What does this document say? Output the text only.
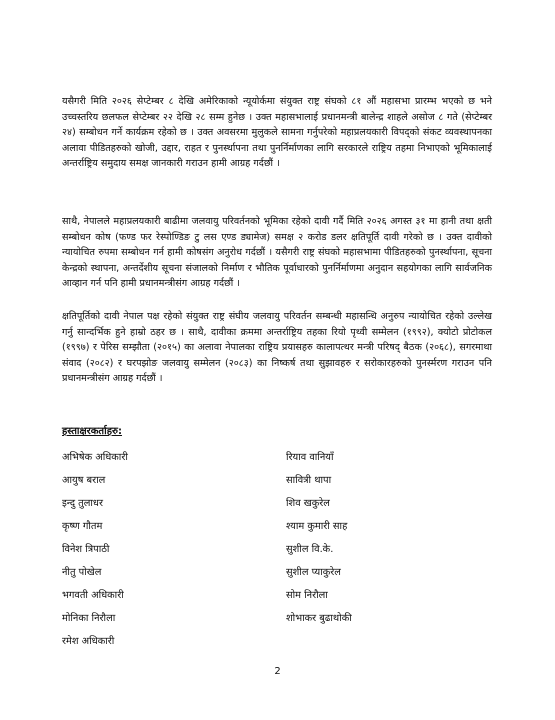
यसैगरी मिति २०२६ सेप्टेम्बर ८ देखि अमेरिकाको न्यूयोर्कमा संयुक्त राष्ट्र संघको ८१ औं महासभा प्रारम्भ भएको छ भने उच्चस्तरिय छलफल सेप्टेम्बर २२ देखि २८ सम्म हुनेछ । उक्त महासभालाई प्रधानमन्त्री बालेन्द्र शाहले असोज ८ गते (सेप्टेम्बर २४) सम्बोधन गर्ने कार्यक्रम रहेको छ । उक्त अवसरमा मुलुकले सामना गर्नुपरेको महाप्रलयकारी विपद्को संकट व्यवस्थापनका अलावा पीडितहरुको खोजी, उद्दार, राहत र पुनर्स्थापना तथा पुनर्निर्माणका लागि सरकारले राष्ट्रिय तहमा निभाएको भूमिकालाई अन्तर्राष्ट्रिय समुदाय समक्ष जानकारी गराउन हामी आग्रह गर्दछौं ।

साथै, नेपालले महाप्रलयकारी बाढीमा जलवायु परिवर्तनको भूमिका रहेको दावी गर्दै मिति २०२६ अगस्त ३१ मा हानी तथा क्षती सम्बोधन कोष (फण्ड फर रेस्पोण्डिङ टु लस एण्ड ड्यामेज) समक्ष २ करोड डलर क्षतिपूर्ति दावी गरेको छ । उक्त दावीको न्यायोचित रुपमा सम्बोधन गर्न हामी कोषसंग अनुरोध गर्दछौं । यसैगरी राष्ट्र संघको महासभामा पीडितहरुको पुनर्स्थापना, सूचना केन्द्रको स्थापना, अन्तर्देशीय सूचना संजालको निर्माण र भौतिक पूर्वाधारको पुनर्निर्माणमा अनुदान सहयोगका लागि सार्वजनिक आव्हान गर्न पनि हामी प्रधानमन्त्रीसंग आग्रह गर्दछौं ।

क्षतिपूर्तिको दावी नेपाल पक्ष रहेको संयुक्त राष्ट्र संघीय जलवायु परिवर्तन सम्बन्धी महासन्धि अनुरुप न्यायोचित रहेको उल्लेख गर्नु सान्दर्भिक हुने हाम्रो ठहर छ । साथै, दावीका क्रममा अन्तर्राष्ट्रिय तहका रियो पृथ्वी सम्मेलन (१९९२), क्योटो प्रोटोकल (१९९७) र पेरिस सम्झौता (२०१५) का अलावा नेपालका राष्ट्रिय प्रयासहरु कालापत्थर मन्त्री परिषद् बैठक (२०६८), सगरमाथा संवाद (२०८२) र घरपझोङ जलवायु सम्मेलन (२०८३) का निष्कर्ष तथा सुझावहरु र सरोकारहरुको पुनर्स्मरण गराउन पनि प्रधानमन्त्रीसंग आग्रह गर्दछौं ।

हस्ताक्षरकर्ताहरु:

अभिषेक अधिकारी
आयुष बराल
इन्दु तुलाधर
कृष्ण गौतम
विनेश त्रिपाठी
नीतु पोखेल
भगवती अधिकारी
मोनिका निरौला
रमेश अधिकारी
रियाव वानियाँ
सावित्री थापा
शिव खकुरेल
श्याम कुमारी साह
सुशील वि.के.
सुशील प्याकुरेल
सोम निरौला
शोभाकर बुढाथोकी
2
